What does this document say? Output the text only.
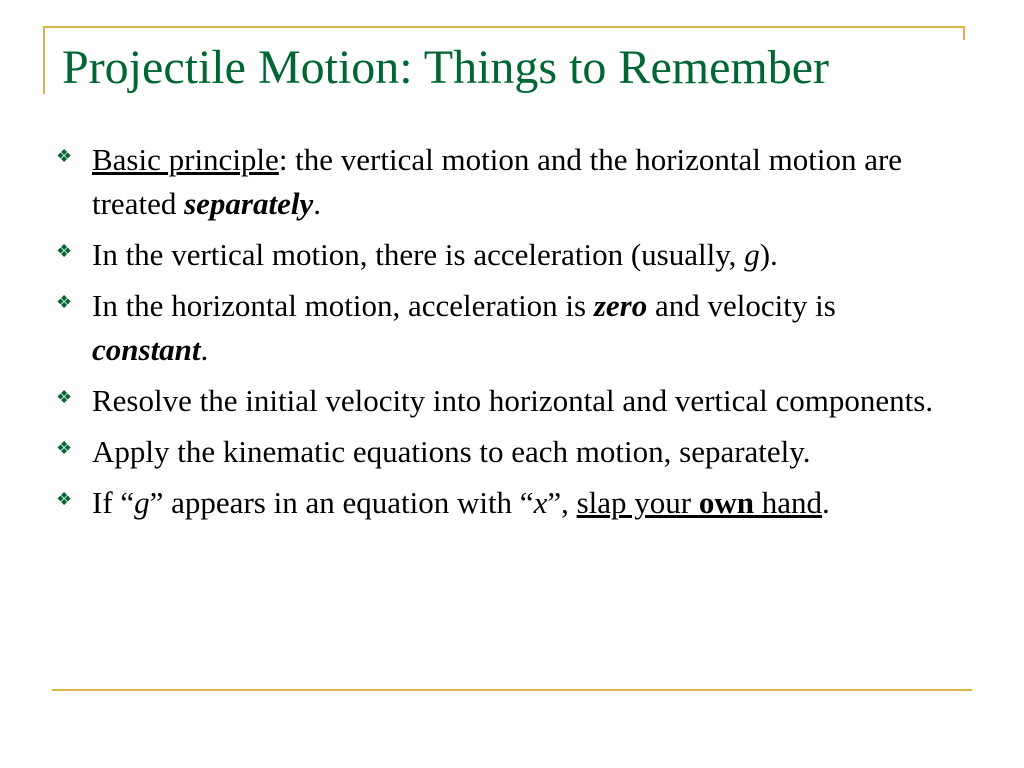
Projectile Motion: Things to Remember
❖ Basic principle: the vertical motion and the horizontal motion are treated separately.
❖ In the vertical motion, there is acceleration (usually, g).
❖ In the horizontal motion, acceleration is zero and velocity is constant.
❖ Resolve the initial velocity into horizontal and vertical components.
❖ Apply the kinematic equations to each motion, separately.
❖ If “g” appears in an equation with “x”, slap your own hand.
